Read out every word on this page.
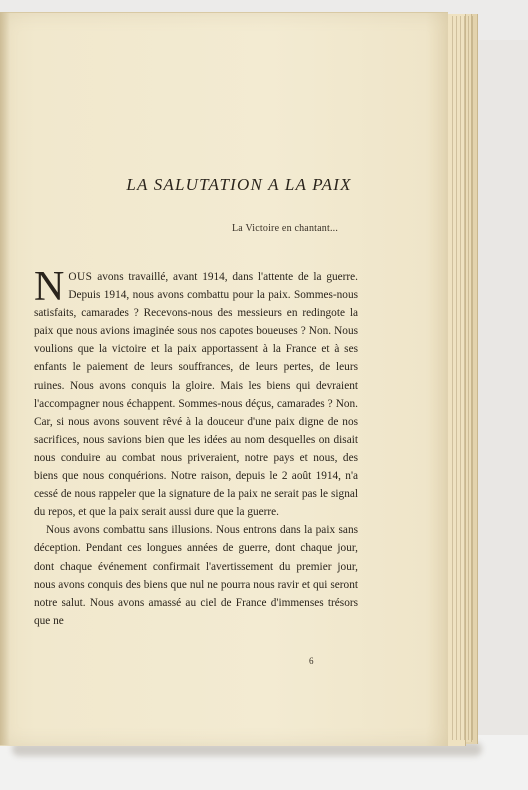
LA SALUTATION A LA PAIX
La Victoire en chantant...

NOUS avons travaillé, avant 1914, dans l'attente de la guerre. Depuis 1914, nous avons combattu pour la paix. Sommes-nous satisfaits, camarades ? Recevons-nous des messieurs en redingote la paix que nous avions imaginée sous nos capotes boueuses ? Non. Nous voulions que la victoire et la paix apportassent à la France et à ses enfants le paiement de leurs souffrances, de leurs pertes, de leurs ruines. Nous avons conquis la gloire. Mais les biens qui devraient l'accompagner nous échappent. Sommes-nous déçus, camarades ? Non. Car, si nous avons souvent rêvé à la douceur d'une paix digne de nos sacrifices, nous savions bien que les idées au nom desquelles on disait nous conduire au combat nous priveraient, notre pays et nous, des biens que nous conquérions. Notre raison, depuis le 2 août 1914, n'a cessé de nous rappeler que la signature de la paix ne serait pas le signal du repos, et que la paix serait aussi dure que la guerre.

Nous avons combattu sans illusions. Nous entrons dans la paix sans déception. Pendant ces longues années de guerre, dont chaque jour, dont chaque événement confirmait l'avertissement du premier jour, nous avons conquis des biens que nul ne pourra nous ravir et qui seront notre salut. Nous avons amassé au ciel de France d'immenses trésors que ne

6
